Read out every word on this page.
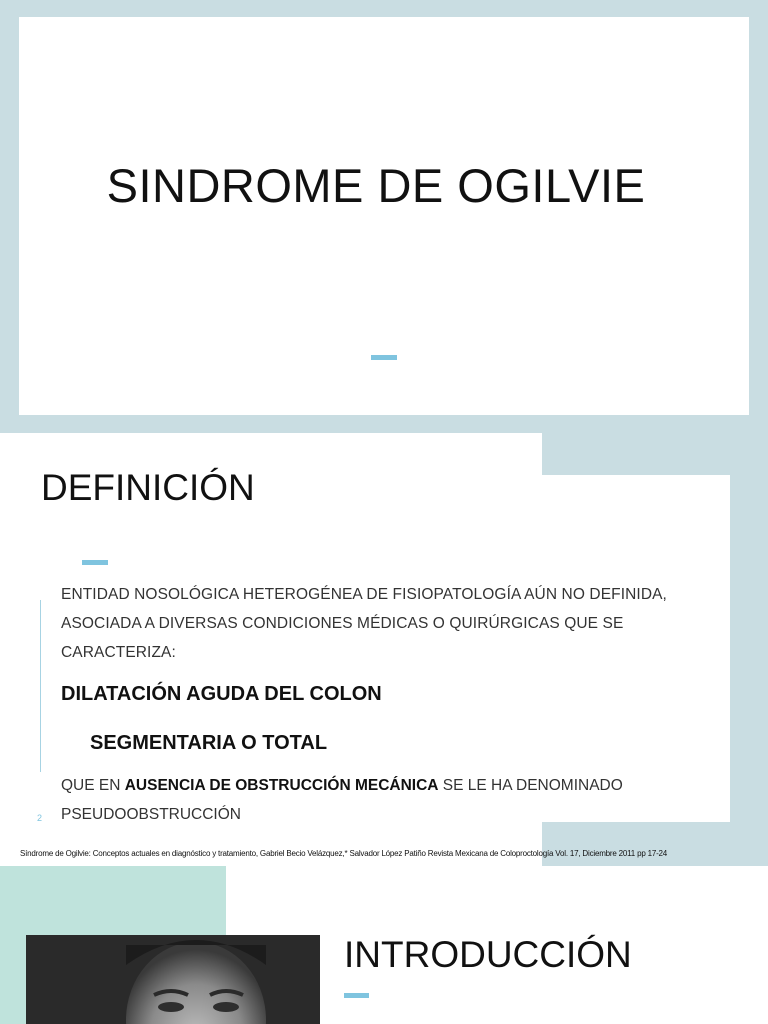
SINDROME DE OGILVIE
DEFINICIÓN
ENTIDAD NOSOLÓGICA HETEROGÉNEA DE FISIOPATOLOGÍA AÚN NO DEFINIDA,
ASOCIADA A DIVERSAS CONDICIONES MÉDICAS O QUIRÚRGICAS QUE SE
CARACTERIZA:
DILATACIÓN AGUDA DEL COLON
SEGMENTARIA O TOTAL
QUE EN AUSENCIA DE OBSTRUCCIÓN MECÁNICA SE LE HA DENOMINADO
PSEUDOOBSTRUCCIÓN
2
Síndrome de Ogilvie: Conceptos actuales en diagnóstico y tratamiento, Gabriel Becio Velázquez,* Salvador López Patiño Revista Mexicana de Coloproctología Vol. 17, Diciembre 2011 pp 17-24
INTRODUCCIÓN
